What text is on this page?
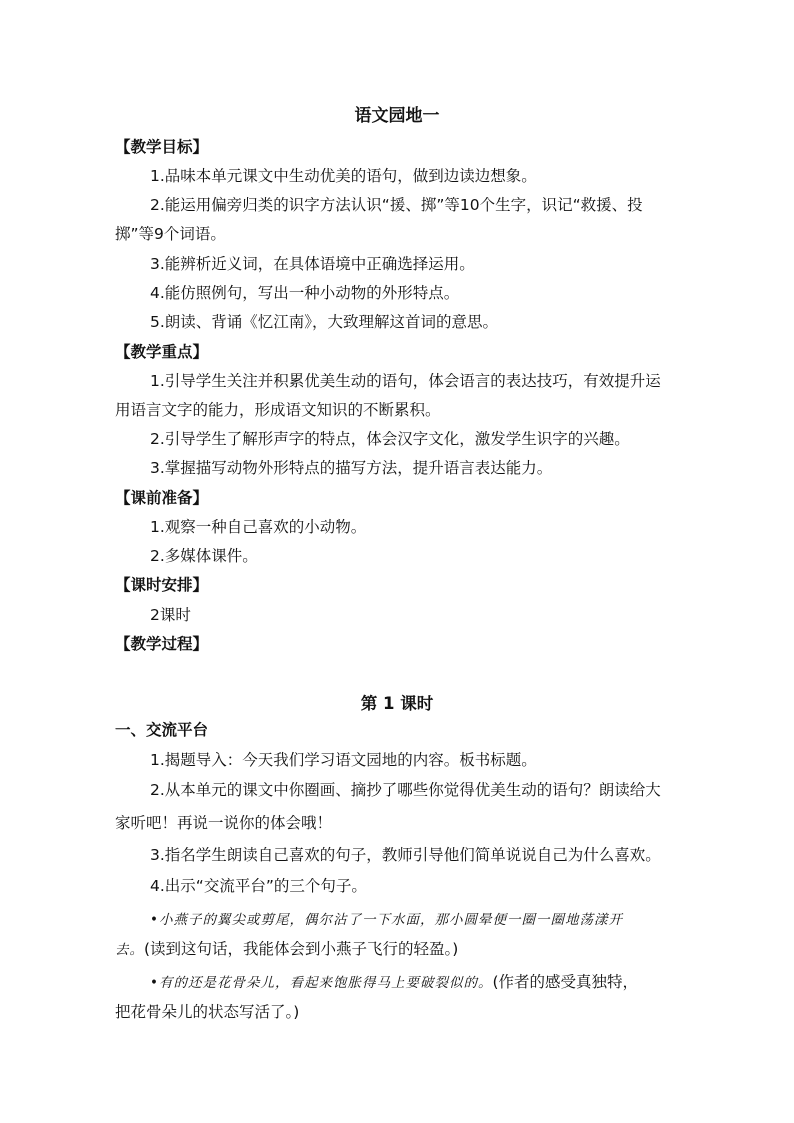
语文园地一
【教学目标】
1.品味本单元课文中生动优美的语句，做到边读边想象。
2.能运用偏旁归类的识字方法认识“援、掷”等10个生字，识记“救援、投
掷”等9个词语。
3.能辨析近义词，在具体语境中正确选择运用。
4.能仿照例句，写出一种小动物的外形特点。
5.朗读、背诵《忆江南》，大致理解这首词的意思。
【教学重点】
1.引导学生关注并积累优美生动的语句，体会语言的表达技巧，有效提升运
用语言文字的能力，形成语文知识的不断累积。
2.引导学生了解形声字的特点，体会汉字文化，激发学生识字的兴趣。
3.掌握描写动物外形特点的描写方法，提升语言表达能力。
【课前准备】
1.观察一种自己喜欢的小动物。
2.多媒体课件。
【课时安排】
2课时
【教学过程】
第 1 课时
一、交流平台
1.揭题导入：今天我们学习语文园地的内容。板书标题。
2.从本单元的课文中你圈画、摘抄了哪些你觉得优美生动的语句？朗读给大
家听吧！再说一说你的体会哦！
3.指名学生朗读自己喜欢的句子，教师引导他们简单说说自己为什么喜欢。
4.出示“交流平台”的三个句子。
•小燕子的翼尖或剪尾，偶尔沾了一下水面，那小圆晕便一圈一圈地荡漾开
去。(读到这句话，我能体会到小燕子飞行的轻盈。)
•有的还是花骨朵儿，看起来饱胀得马上要破裂似的。(作者的感受真独特，
把花骨朵儿的状态写活了。)
